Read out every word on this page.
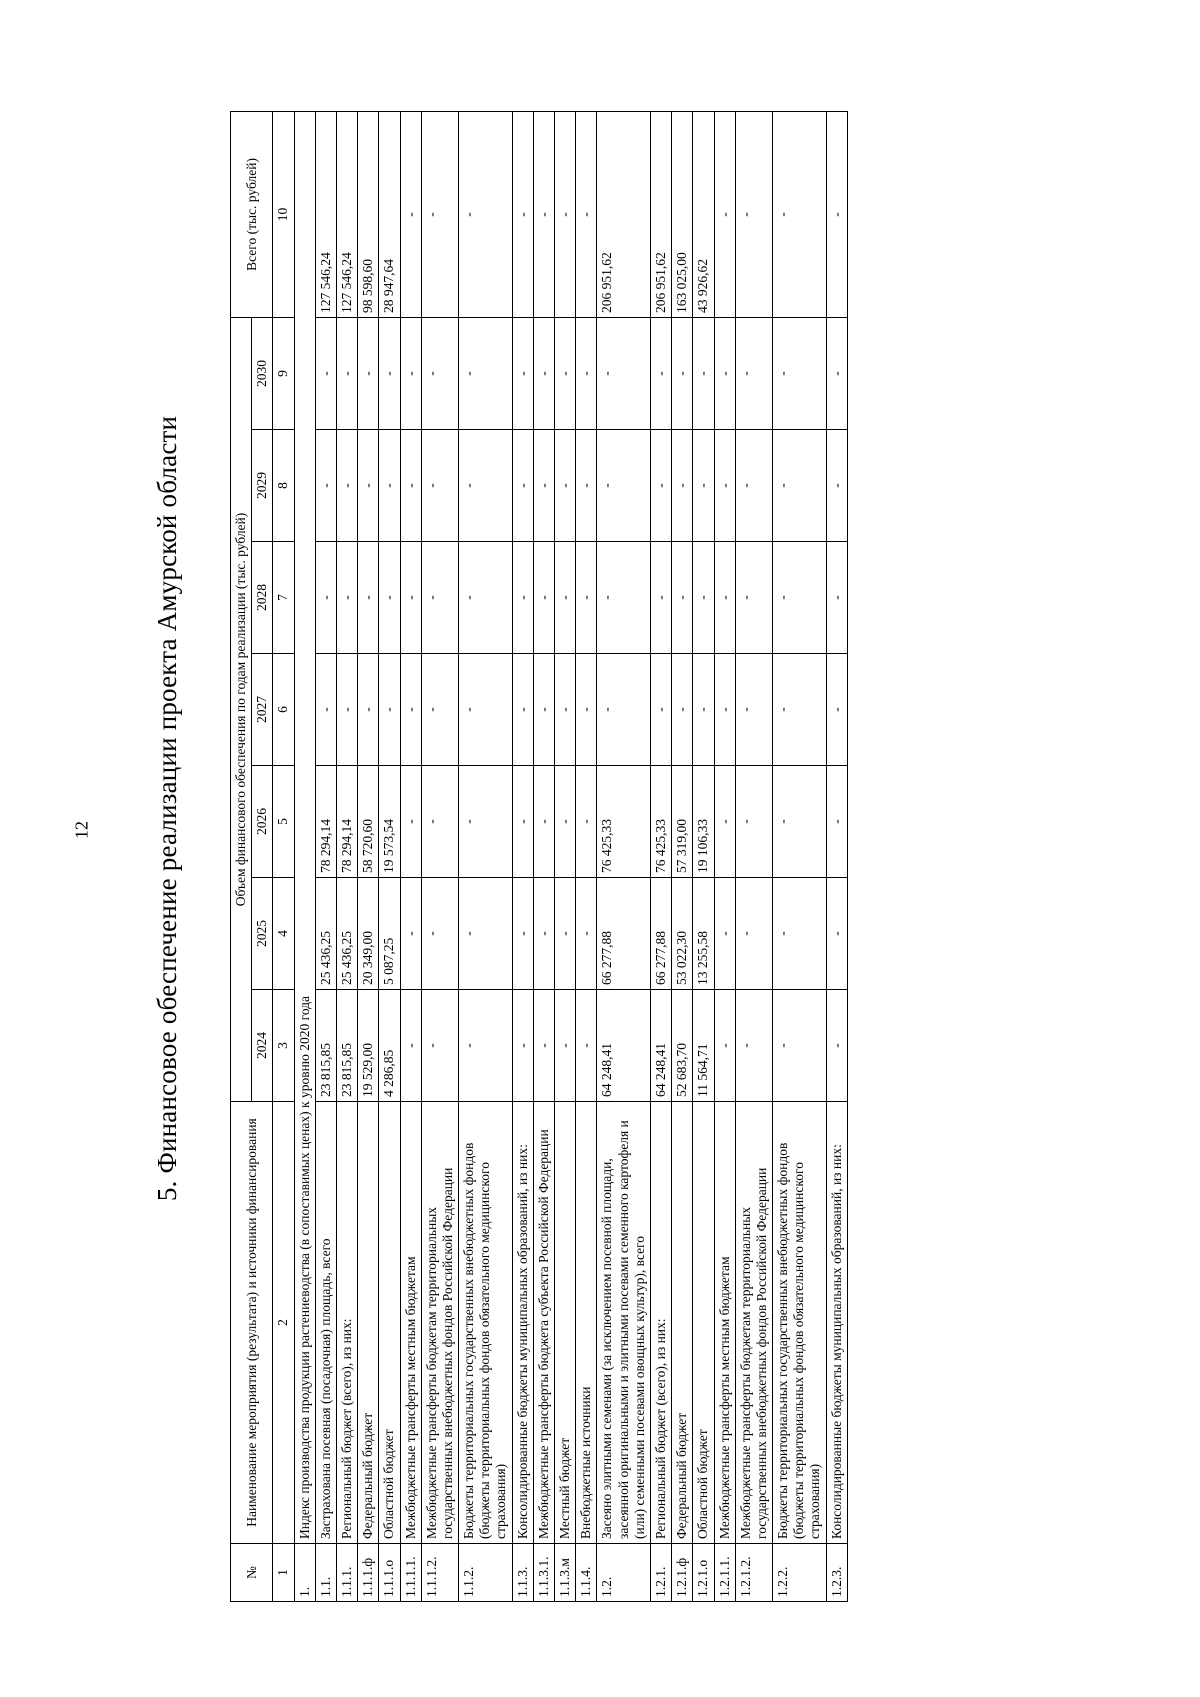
12 5. Финансовое обеспечение реализации проекта Амурской области
№	Наименование мероприятия (результата) и источники финансирования	Объем финансового обеспечения по годам реализации (тыс. рублей)							Всего (тыс. рублей)
		2024	2025	2026	2027	2028	2029	2030	
1	2	3	4	5	6	7	8	9	10
1.	Индекс производства продукции растениеводства (в сопоставимых ценах) к уровню 2020 года								
1.1.	Застрахована посевная (посадочная) площадь, всего	23 815,85	25 436,25	78 294,14	-	-	-	-	127 546,24
1.1.1.	Региональный бюджет (всего), из них:	23 815,85	25 436,25	78 294,14	-	-	-	-	127 546,24
1.1.1.ф	Федеральный бюджет	19 529,00	20 349,00	58 720,60	-	-	-	-	98 598,60
1.1.1.о	Областной бюджет	4 286,85	5 087,25	19 573,54	-	-	-	-	28 947,64
1.1.1.1.	Межбюджетные трансферты местным бюджетам	-	-	-	-	-	-	-	-
1.1.1.2.	Межбюджетные трансферты бюджетам территориальных государственных внебюджетных фондов Российской Федерации	-	-	-	-	-	-	-	-
1.1.2.	Бюджеты территориальных государственных внебюджетных фондов (бюджеты территориальных фондов обязательного медицинского страхования)	-	-	-	-	-	-	-	-
1.1.3.	Консолидированные бюджеты муниципальных образований, из них:	-	-	-	-	-	-	-	-
1.1.3.1.	Межбюджетные трансферты бюджета субъекта Российской Федерации	-	-	-	-	-	-	-	-
1.1.3.м	Местный бюджет	-	-	-	-	-	-	-	-
1.1.4.	Внебюджетные источники	-	-	-	-	-	-	-	-
1.2.	Засеяно элитными семенами (за исключением посевной площади, засеянной оригинальными и элитными посевами семенного картофеля и (или) семенными посевами овощных культур), всего	64 248,41	66 277,88	76 425,33	-	-	-	-	206 951,62
1.2.1.	Региональный бюджет (всего), из них:	64 248,41	66 277,88	76 425,33	-	-	-	-	206 951,62
1.2.1.ф	Федеральный бюджет	52 683,70	53 022,30	57 319,00	-	-	-	-	163 025,00
1.2.1.о	Областной бюджет	11 564,71	13 255,58	19 106,33	-	-	-	-	43 926,62
1.2.1.1.	Межбюджетные трансферты местным бюджетам	-	-	-	-	-	-	-	-
1.2.1.2.	Межбюджетные трансферты бюджетам территориальных государственных внебюджетных фондов Российской Федерации	-	-	-	-	-	-	-	-
1.2.2.	Бюджеты территориальных государственных внебюджетных фондов (бюджеты территориальных фондов обязательного медицинского страхования)	-	-	-	-	-	-	-	-
1.2.3.	Консолидированные бюджеты муниципальных образований, из них:	-	-	-	-	-	-	-	-
